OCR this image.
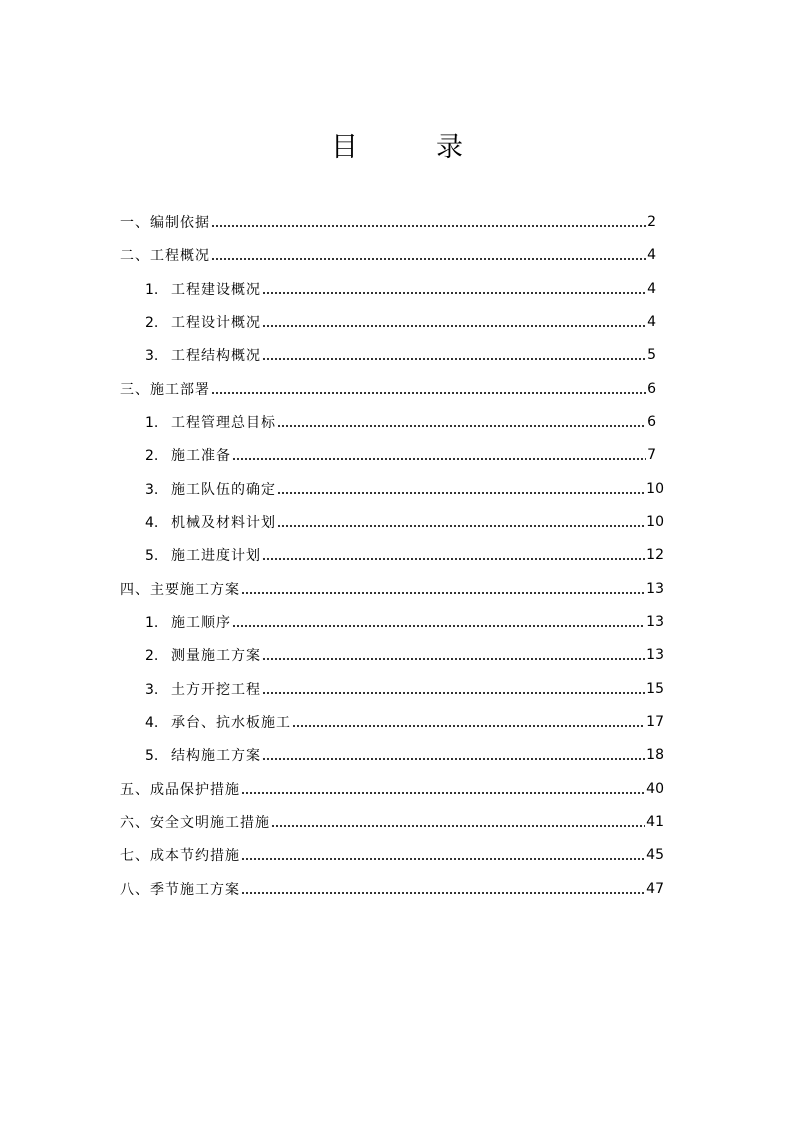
目	录
一、编制依据	2
二、工程概况	4
1. 工程建设概况	4
2. 工程设计概况	4
3. 工程结构概况	5
三、施工部署	6
1. 工程管理总目标	6
2. 施工准备	7
3. 施工队伍的确定	10
4. 机械及材料计划	10
5. 施工进度计划	12
四、主要施工方案	13
1. 施工顺序	13
2. 测量施工方案	13
3. 土方开挖工程	15
4. 承台、抗水板施工	17
5. 结构施工方案	18
五、成品保护措施	40
六、安全文明施工措施	41
七、成本节约措施	45
八、季节施工方案	47
